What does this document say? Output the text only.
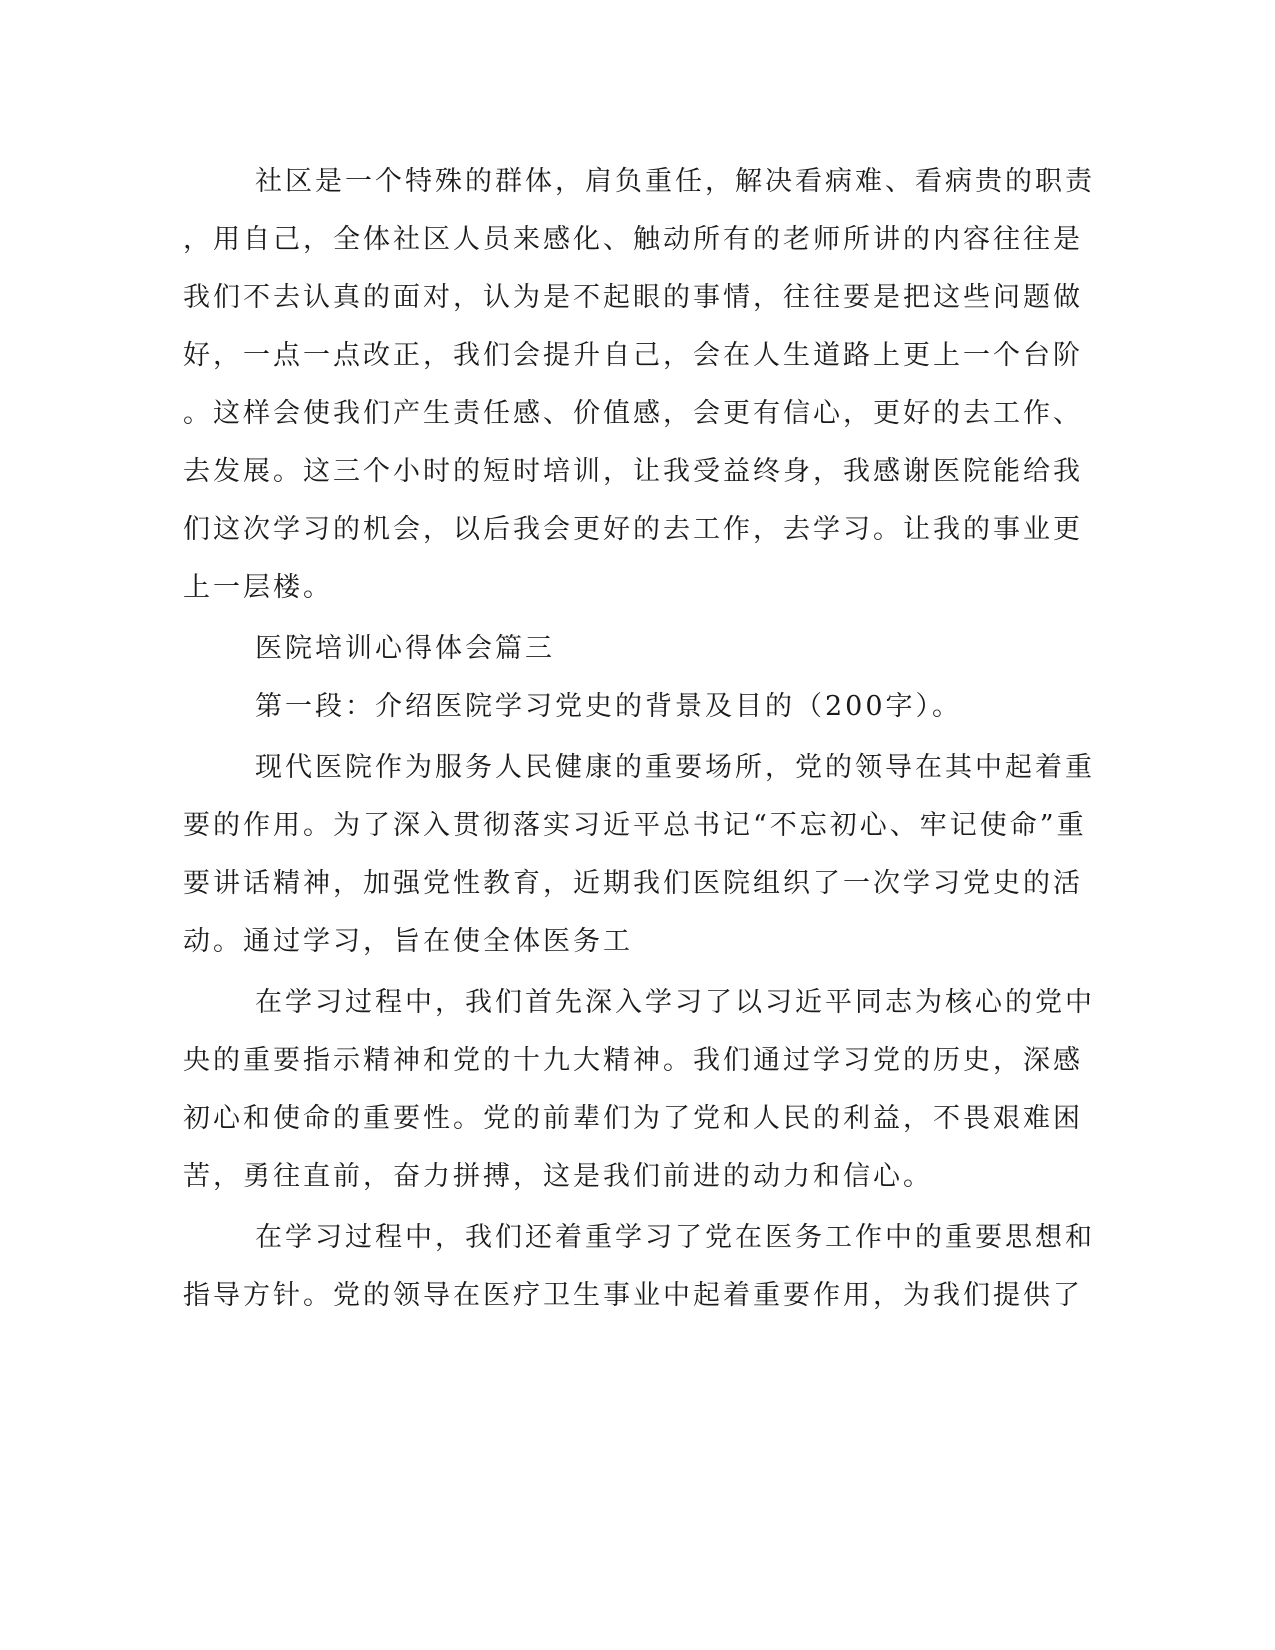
社区是一个特殊的群体，肩负重任，解决看病难、看病贵的职责
，用自己，全体社区人员来感化、触动所有的老师所讲的内容往往是
我们不去认真的面对，认为是不起眼的事情，往往要是把这些问题做
好，一点一点改正，我们会提升自己，会在人生道路上更上一个台阶
。这样会使我们产生责任感、价值感，会更有信心，更好的去工作、
去发展。这三个小时的短时培训，让我受益终身，我感谢医院能给我
们这次学习的机会，以后我会更好的去工作，去学习。让我的事业更
上一层楼。
医院培训心得体会篇三
第一段：介绍医院学习党史的背景及目的（200字）。
现代医院作为服务人民健康的重要场所，党的领导在其中起着重
要的作用。为了深入贯彻落实习近平总书记“不忘初心、牢记使命”重
要讲话精神，加强党性教育，近期我们医院组织了一次学习党史的活
动。通过学习，旨在使全体医务工
在学习过程中，我们首先深入学习了以习近平同志为核心的党中
央的重要指示精神和党的十九大精神。我们通过学习党的历史，深感
初心和使命的重要性。党的前辈们为了党和人民的利益，不畏艰难困
苦，勇往直前，奋力拼搏，这是我们前进的动力和信心。
在学习过程中，我们还着重学习了党在医务工作中的重要思想和
指导方针。党的领导在医疗卫生事业中起着重要作用，为我们提供了
